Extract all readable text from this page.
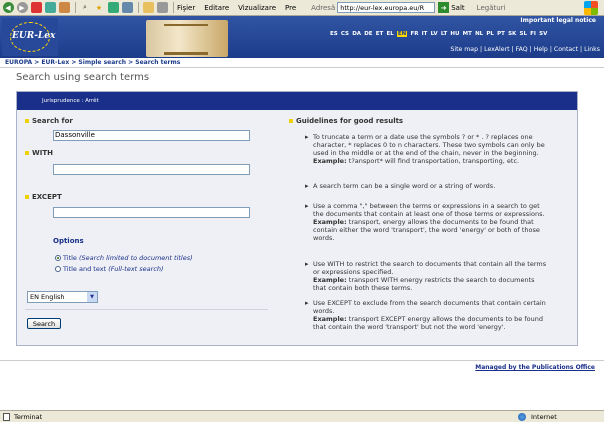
◀	▶	⌕ ★	Fişier Editare Vizualizare Pre Adresă http://eur-lex.europa.eu/R	➜ Salt Legături
EUR-Lex
Important legal notice
ES CS DA DE ET EL EN FR IT LV LT HU MT NL PL PT SK SL FI SV
Site map | LexAlert | FAQ | Help | Contact | Links
EUROPA > EUR-Lex > Simple search > Search terms
Search using search terms
Jurisprudence : Arrêt
Search for
Dassonville
WITH
EXCEPT
Options
Title
(Search limited to document titles)
Title and text
(Full-text search)
EN English	▼
Search
Guidelines for good results
▸ To truncate a term or a date use the symbols ? or * . ? replaces one character, * replaces 0 to n characters. These two symbols can only be used in the middle or at the end of the chain, never in the beginning.
Example: t?ansport* will find transportation, transporting, etc.
▸ A search term can be a single word or a string of words.
▸ Use a comma "," between the terms or expressions in a search to get the documents that contain at least one of those terms or expressions.
Example: transport, energy allows the documents to be found that contain either the word 'transport', the word 'energy' or both of those words.
▸ Use WITH to restrict the search to documents that contain all the terms or expressions specified.
Example: transport WITH energy restricts the search to documents that contain both these terms.
▸ Use EXCEPT to exclude from the search documents that contain certain words.
Example: transport EXCEPT energy allows the documents to be found that contain the word 'transport' but not the word 'energy'.
Managed by the Publications Office
Terminat	Internet
